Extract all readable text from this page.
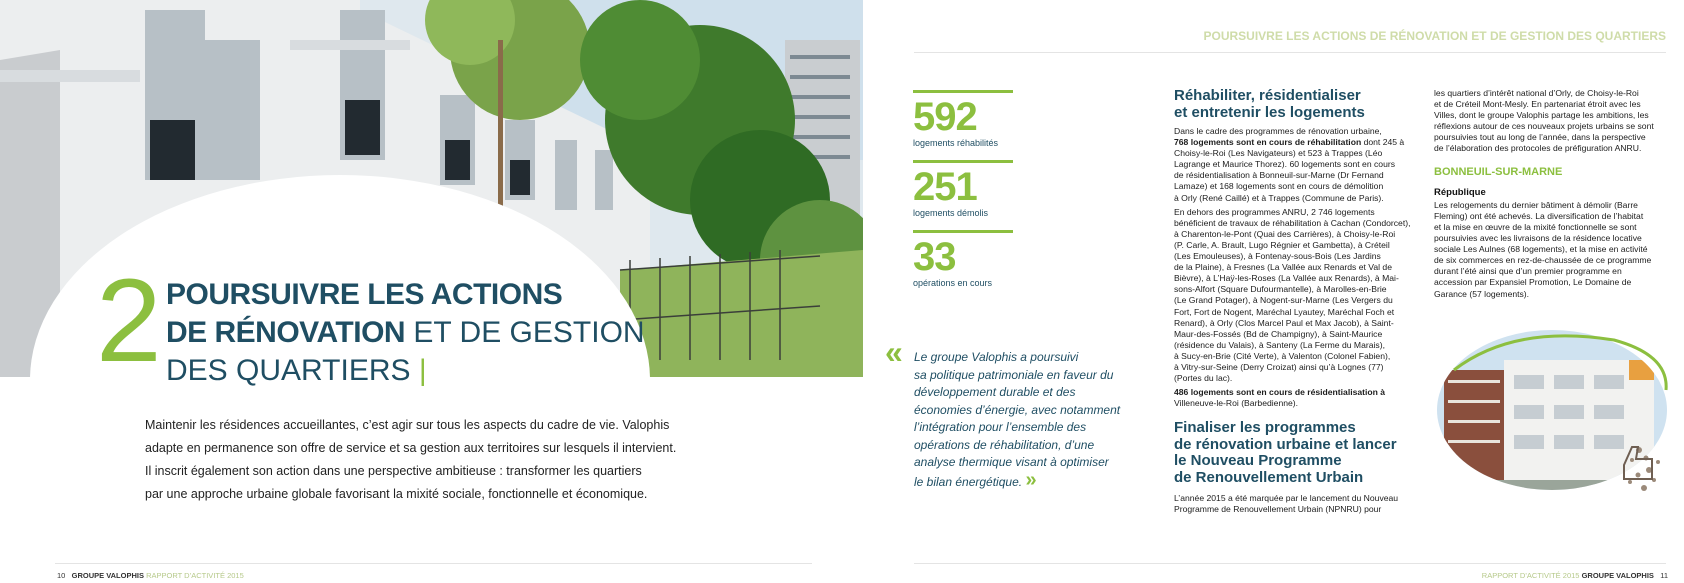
2 POURSUIVRE LES ACTIONS
DE RÉNOVATION ET DE GESTION
DES QUARTIERS |

Maintenir les résidences accueillantes, c’est agir sur tous les aspects du cadre de vie. Valophis

adapte en permanence son offre de service et sa gestion aux territoires sur lesquels il intervient.

Il inscrit également son action dans une perspective ambitieuse : transformer les quartiers

par une approche urbaine globale favorisant la mixité sociale, fonctionnelle et économique.

10 GROUPE VALOPHIS RAPPORT D’ACTIVITÉ 2015
POURSUIVRE LES ACTIONS DE RÉNOVATION ET DE GESTION DES QUARTIERS
592
logements réhabilités
251
logements démolis
33
opérations en cours
« Le groupe Valophis a poursuivi
sa politique patrimoniale en faveur du
développement durable et des
économies d’énergie, avec notamment
l’intégration pour l’ensemble des
opérations de réhabilitation, d’une
analyse thermique visant à optimiser
le bilan énergétique. »
Réhabiliter, résidentialiser
et entretenir les logements

Dans le cadre des programmes de rénovation urbaine,

768 logements sont en cours de réhabilitation dont 245 à

Choisy-le-Roi (Les Navigateurs) et 523 à Trappes (Léo

Lagrange et Maurice Thorez). 60 logements sont en cours

de résidentialisation à Bonneuil-sur-Marne (Dr Fernand

Lamaze) et 168 logements sont en cours de démolition

à Orly (René Caillé) et à Trappes (Commune de Paris).

En dehors des programmes ANRU, 2 746 logements

bénéficient de travaux de réhabilitation à Cachan (Condorcet),

à Charenton-le-Pont (Quai des Carrières), à Choisy-le-Roi

(P. Carle, A. Brault, Lugo Régnier et Gambetta), à Créteil

(Les Emouleuses), à Fontenay-sous-Bois (Les Jardins

de la Plaine), à Fresnes (La Vallée aux Renards et Val de

Bièvre), à L’Haÿ-les-Roses (La Vallée aux Renards), à Mai-

sons-Alfort (Square Dufourmantelle), à Marolles-en-Brie

(Le Grand Potager), à Nogent-sur-Marne (Les Vergers du

Fort, Fort de Nogent, Maréchal Lyautey, Maréchal Foch et

Renard), à Orly (Clos Marcel Paul et Max Jacob), à Saint-

Maur-des-Fossés (Bd de Champigny), à Saint-Maurice

(résidence du Valais), à Santeny (La Ferme du Marais),

à Sucy-en-Brie (Cité Verte), à Valenton (Colonel Fabien),

à Vitry-sur-Seine (Derry Croizat) ainsi qu’à Lognes (77)

(Portes du lac).

486 logements sont en cours de résidentialisation à

Villeneuve-le-Roi (Barbedienne).

Finaliser les programmes
de rénovation urbaine et lancer
le Nouveau Programme
de Renouvellement Urbain

L’année 2015 a été marquée par le lancement du Nouveau

Programme de Renouvellement Urbain (NPNRU) pour

les quartiers d’intérêt national d’Orly, de Choisy-le-Roi

et de Créteil Mont-Mesly. En partenariat étroit avec les

Villes, dont le groupe Valophis partage les ambitions, les

réflexions autour de ces nouveaux projets urbains se sont

poursuivies tout au long de l’année, dans la perspective

de l’élaboration des protocoles de préfiguration ANRU.

BONNEUIL-SUR-MARNE
République

Les relogements du dernier bâtiment à démolir (Barre

Fleming) ont été achevés. La diversification de l’habitat

et la mise en œuvre de la mixité fonctionnelle se sont

poursuivies avec les livraisons de la résidence locative

sociale Les Aulnes (68 logements), et la mise en activité

de six commerces en rez-de-chaussée de ce programme

durant l’été ainsi que d’un premier programme en

accession par Expansiel Promotion, Le Domaine de

Garance (57 logements).

RAPPORT D’ACTIVITÉ 2015 GROUPE VALOPHIS 11
